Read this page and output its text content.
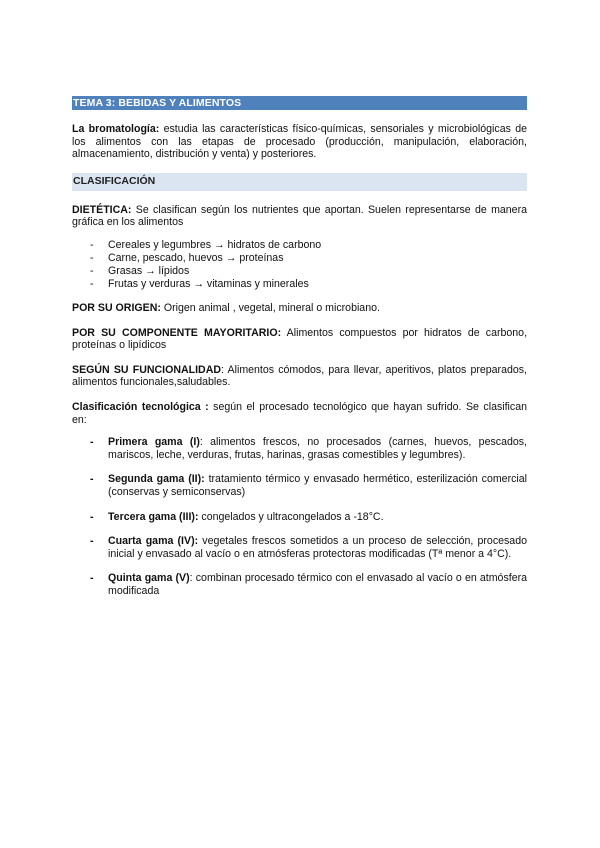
TEMA 3: BEBIDAS Y ALIMENTOS

La bromatología: estudia las características físico-químicas, sensoriales y microbiológicas de los alimentos con las etapas de procesado (producción, manipulación, elaboración, almacenamiento, distribución y venta) y posteriores.

CLASIFICACIÓN

DIETÉTICA: Se clasifican según los nutrientes que aportan. Suelen representarse de manera gráfica en los alimentos

- Cereales y legumbres → hidratos de carbono
- Carne, pescado, huevos → proteínas
- Grasas → lípidos
- Frutas y verduras → vitaminas y minerales

POR SU ORIGEN: Origen animal , vegetal, mineral o microbiano.

POR SU COMPONENTE MAYORITARIO: Alimentos compuestos por hidratos de carbono, proteínas o lipídicos

SEGÚN SU FUNCIONALIDAD: Alimentos cómodos, para llevar, aperitivos, platos preparados, alimentos funcionales,saludables.

Clasificación tecnológica : según el procesado tecnológico que hayan sufrido. Se clasifican en:

- Primera gama (I): alimentos frescos, no procesados (carnes, huevos, pescados, mariscos, leche, verduras, frutas, harinas, grasas comestibles y legumbres).
- Segunda gama (II): tratamiento térmico y envasado hermético, esterilización comercial (conservas y semiconservas)
- Tercera gama (III): congelados y ultracongelados a -18°C.
- Cuarta gama (IV): vegetales frescos sometidos a un proceso de selección, procesado inicial y envasado al vacío o en atmósferas protectoras modificadas (Tª menor a 4°C).
- Quinta gama (V): combinan procesado térmico con el envasado al vacío o en atmósfera modificada
